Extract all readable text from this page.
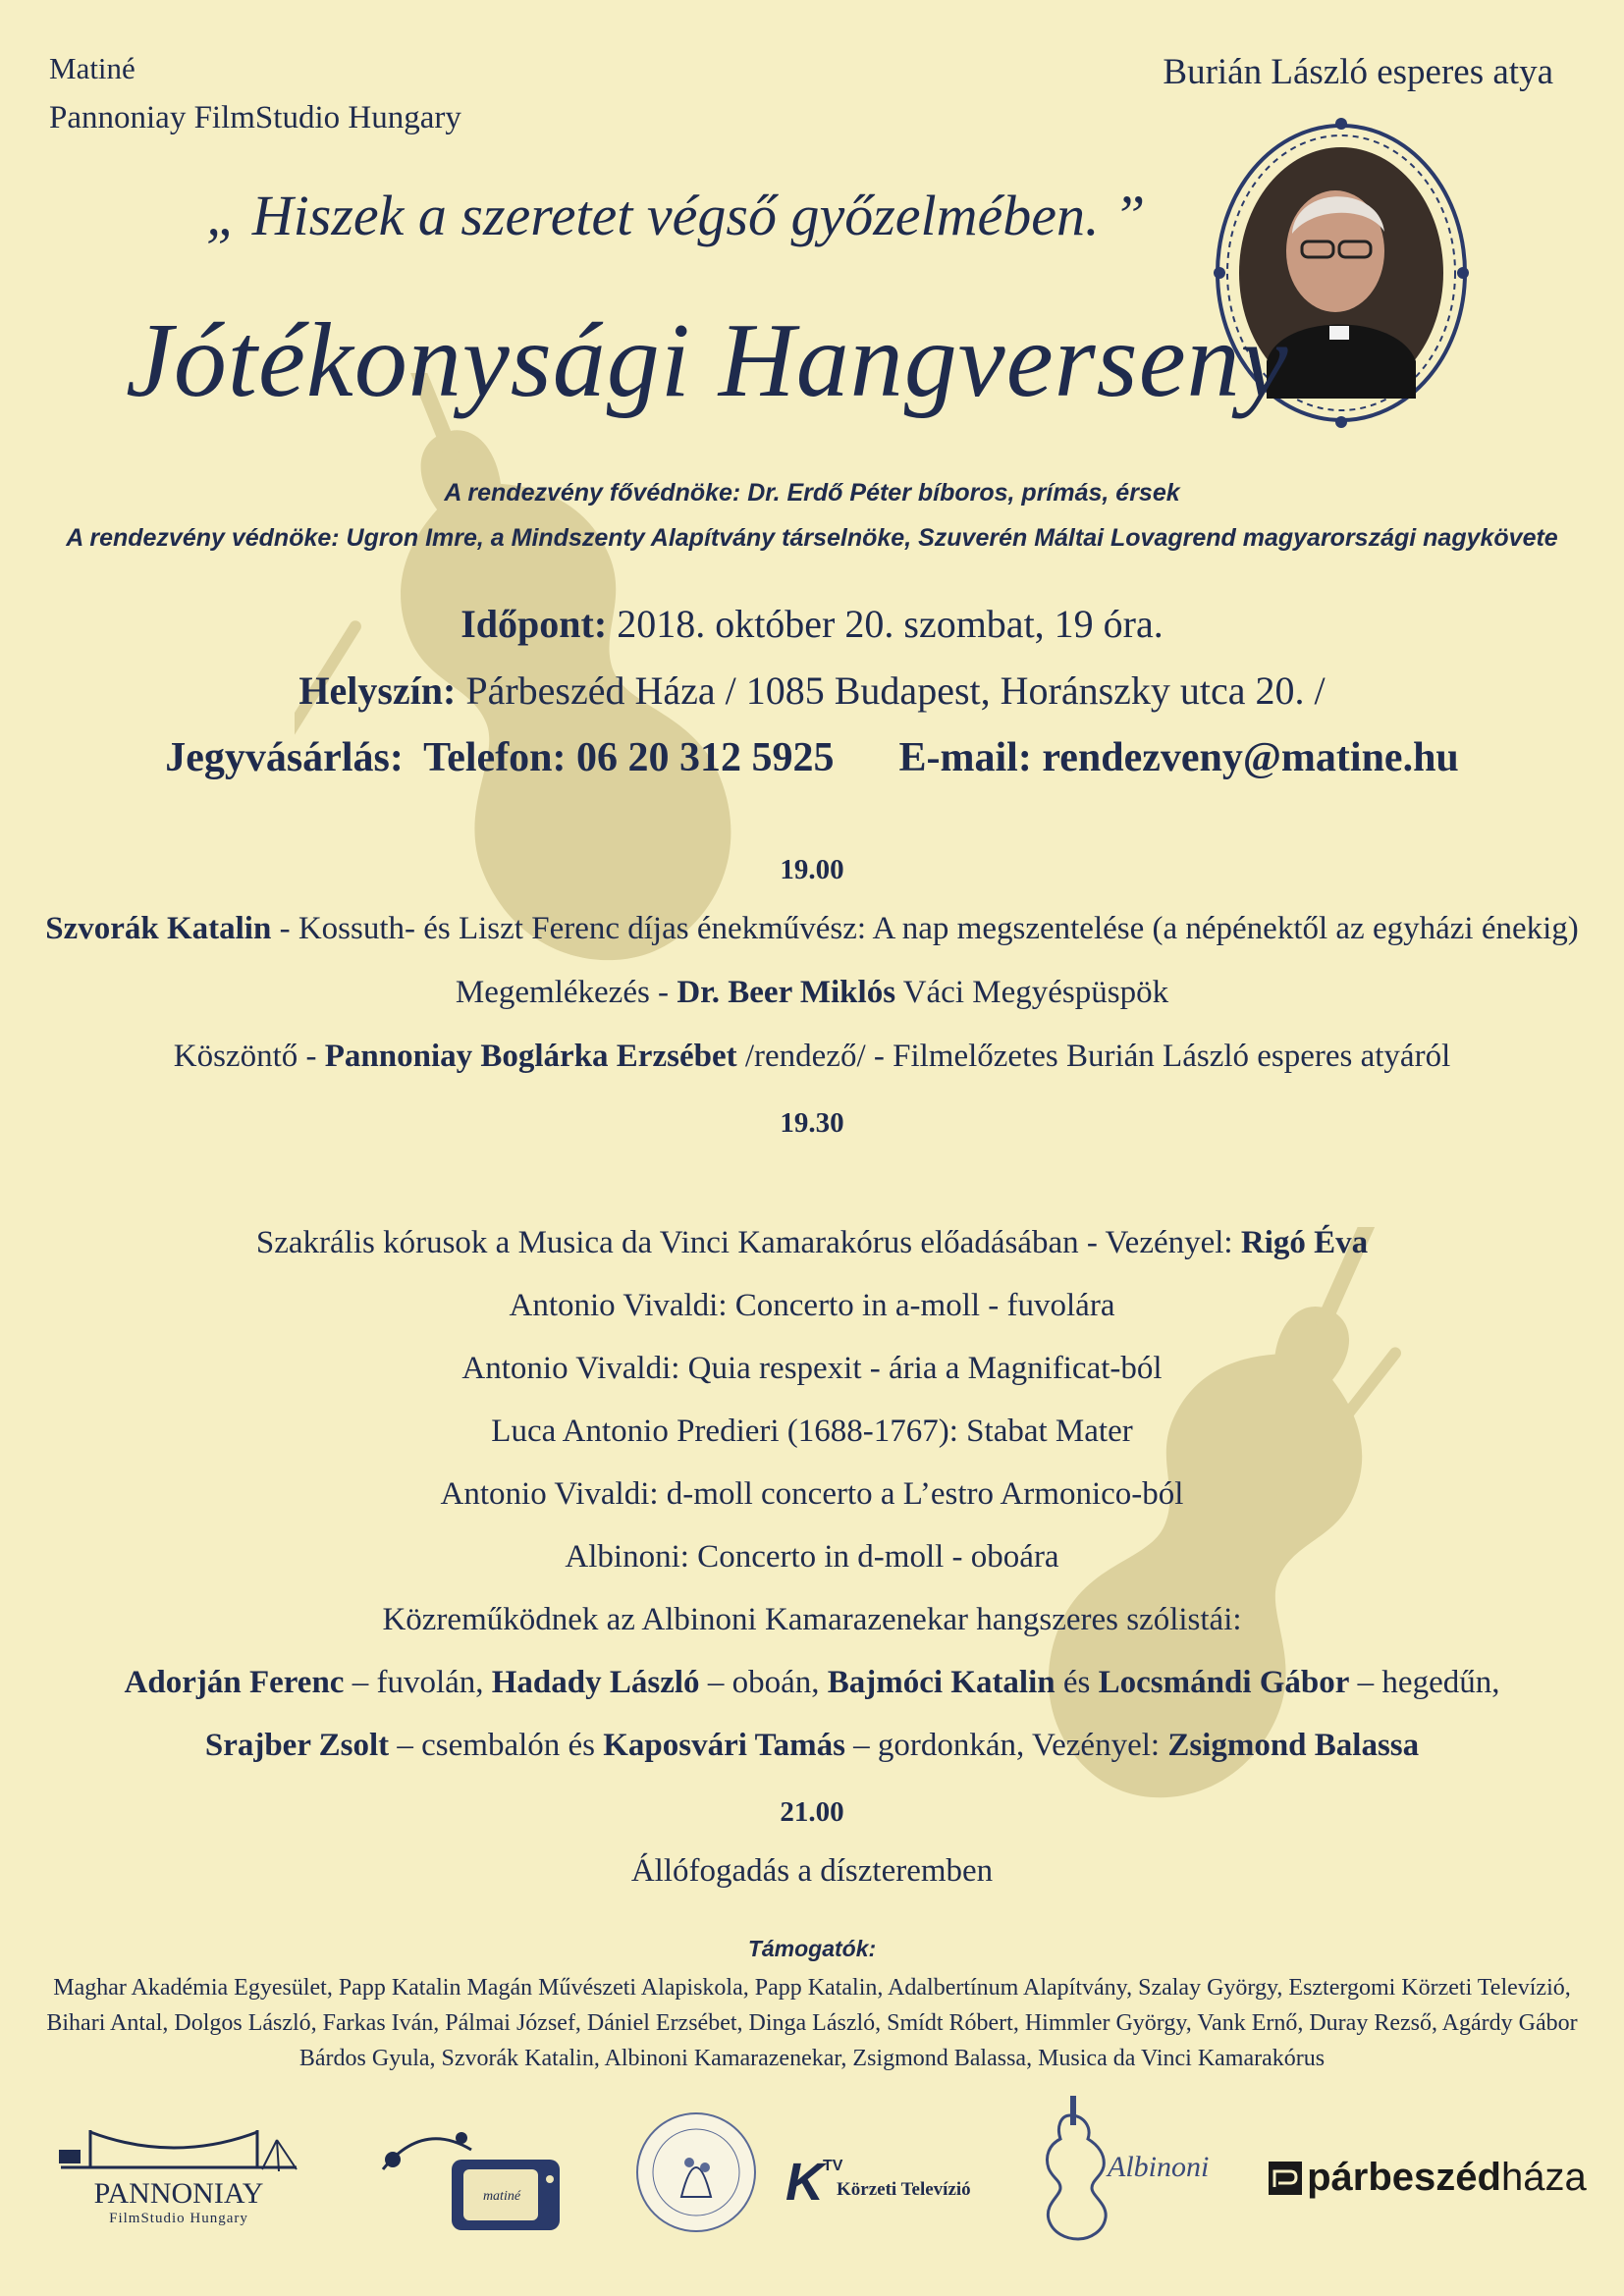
Matiné
Pannoniay FilmStudio Hungary
Burián László esperes atya
„ Hiszek a szeretet végső győzelmében. ”
Jótékonysági Hangverseny
A rendezvény fővédnöke: Dr. Erdő Péter bíboros, prímás, érsek
A rendezvény védnöke: Ugron Imre, a Mindszenty Alapítvány társelnöke, Szuverén Máltai Lovagrend magyarországi nagykövete
Időpont: 2018. október 20. szombat, 19 óra.
Helyszín: Párbeszéd Háza / 1085 Budapest, Horánszky utca 20. /
Jegyvásárlás: Telefon: 06 20 312 5925 E-mail: rendezveny@matine.hu
19.00
Szvorák Katalin - Kossuth- és Liszt Ferenc díjas énekművész: A nap megszentelése (a népénektől az egyházi énekig)
Megemlékezés - Dr. Beer Miklós Váci Megyéspüspök
Köszöntő - Pannoniay Boglárka Erzsébet /rendező/ - Filmelőzetes Burián László esperes atyáról
19.30
Szakrális kórusok a Musica da Vinci Kamarakórus előadásában - Vezényel: Rigó Éva
Antonio Vivaldi: Concerto in a-moll - fuvolára
Antonio Vivaldi: Quia respexit - ária a Magnificat-ból
Luca Antonio Predieri (1688-1767): Stabat Mater
Antonio Vivaldi: d-moll concerto a L’estro Armonico-ból
Albinoni: Concerto in d-moll - oboára
Közreműködnek az Albinoni Kamarazenekar hangszeres szólistái:
Adorján Ferenc – fuvolán, Hadady László – oboán, Bajmóci Katalin és Locsmándi Gábor – hegedűn,
Srajber Zsolt – csembalón és Kaposvári Tamás – gordonkán, Vezényel: Zsigmond Balassa
21.00
Állófogadás a díszteremben
Támogatók:
Maghar Akadémia Egyesület, Papp Katalin Magán Művészeti Alapiskola, Papp Katalin, Adalbertínum Alapítvány, Szalay György, Esztergomi Körzeti Televízió,
Bihari Antal, Dolgos László, Farkas Iván, Pálmai József, Dániel Erzsébet, Dinga László, Smídt Róbert, Himmler György, Vank Ernő, Duray Rezső, Agárdy Gábor
Bárdos Gyula, Szvorák Katalin, Albinoni Kamarazenekar, Zsigmond Balassa, Musica da Vinci Kamarakórus
PANNONIAY
FilmStudio Hungary
matiné	K TV
Körzeti Televízió
Albinoni	párbeszédháza
